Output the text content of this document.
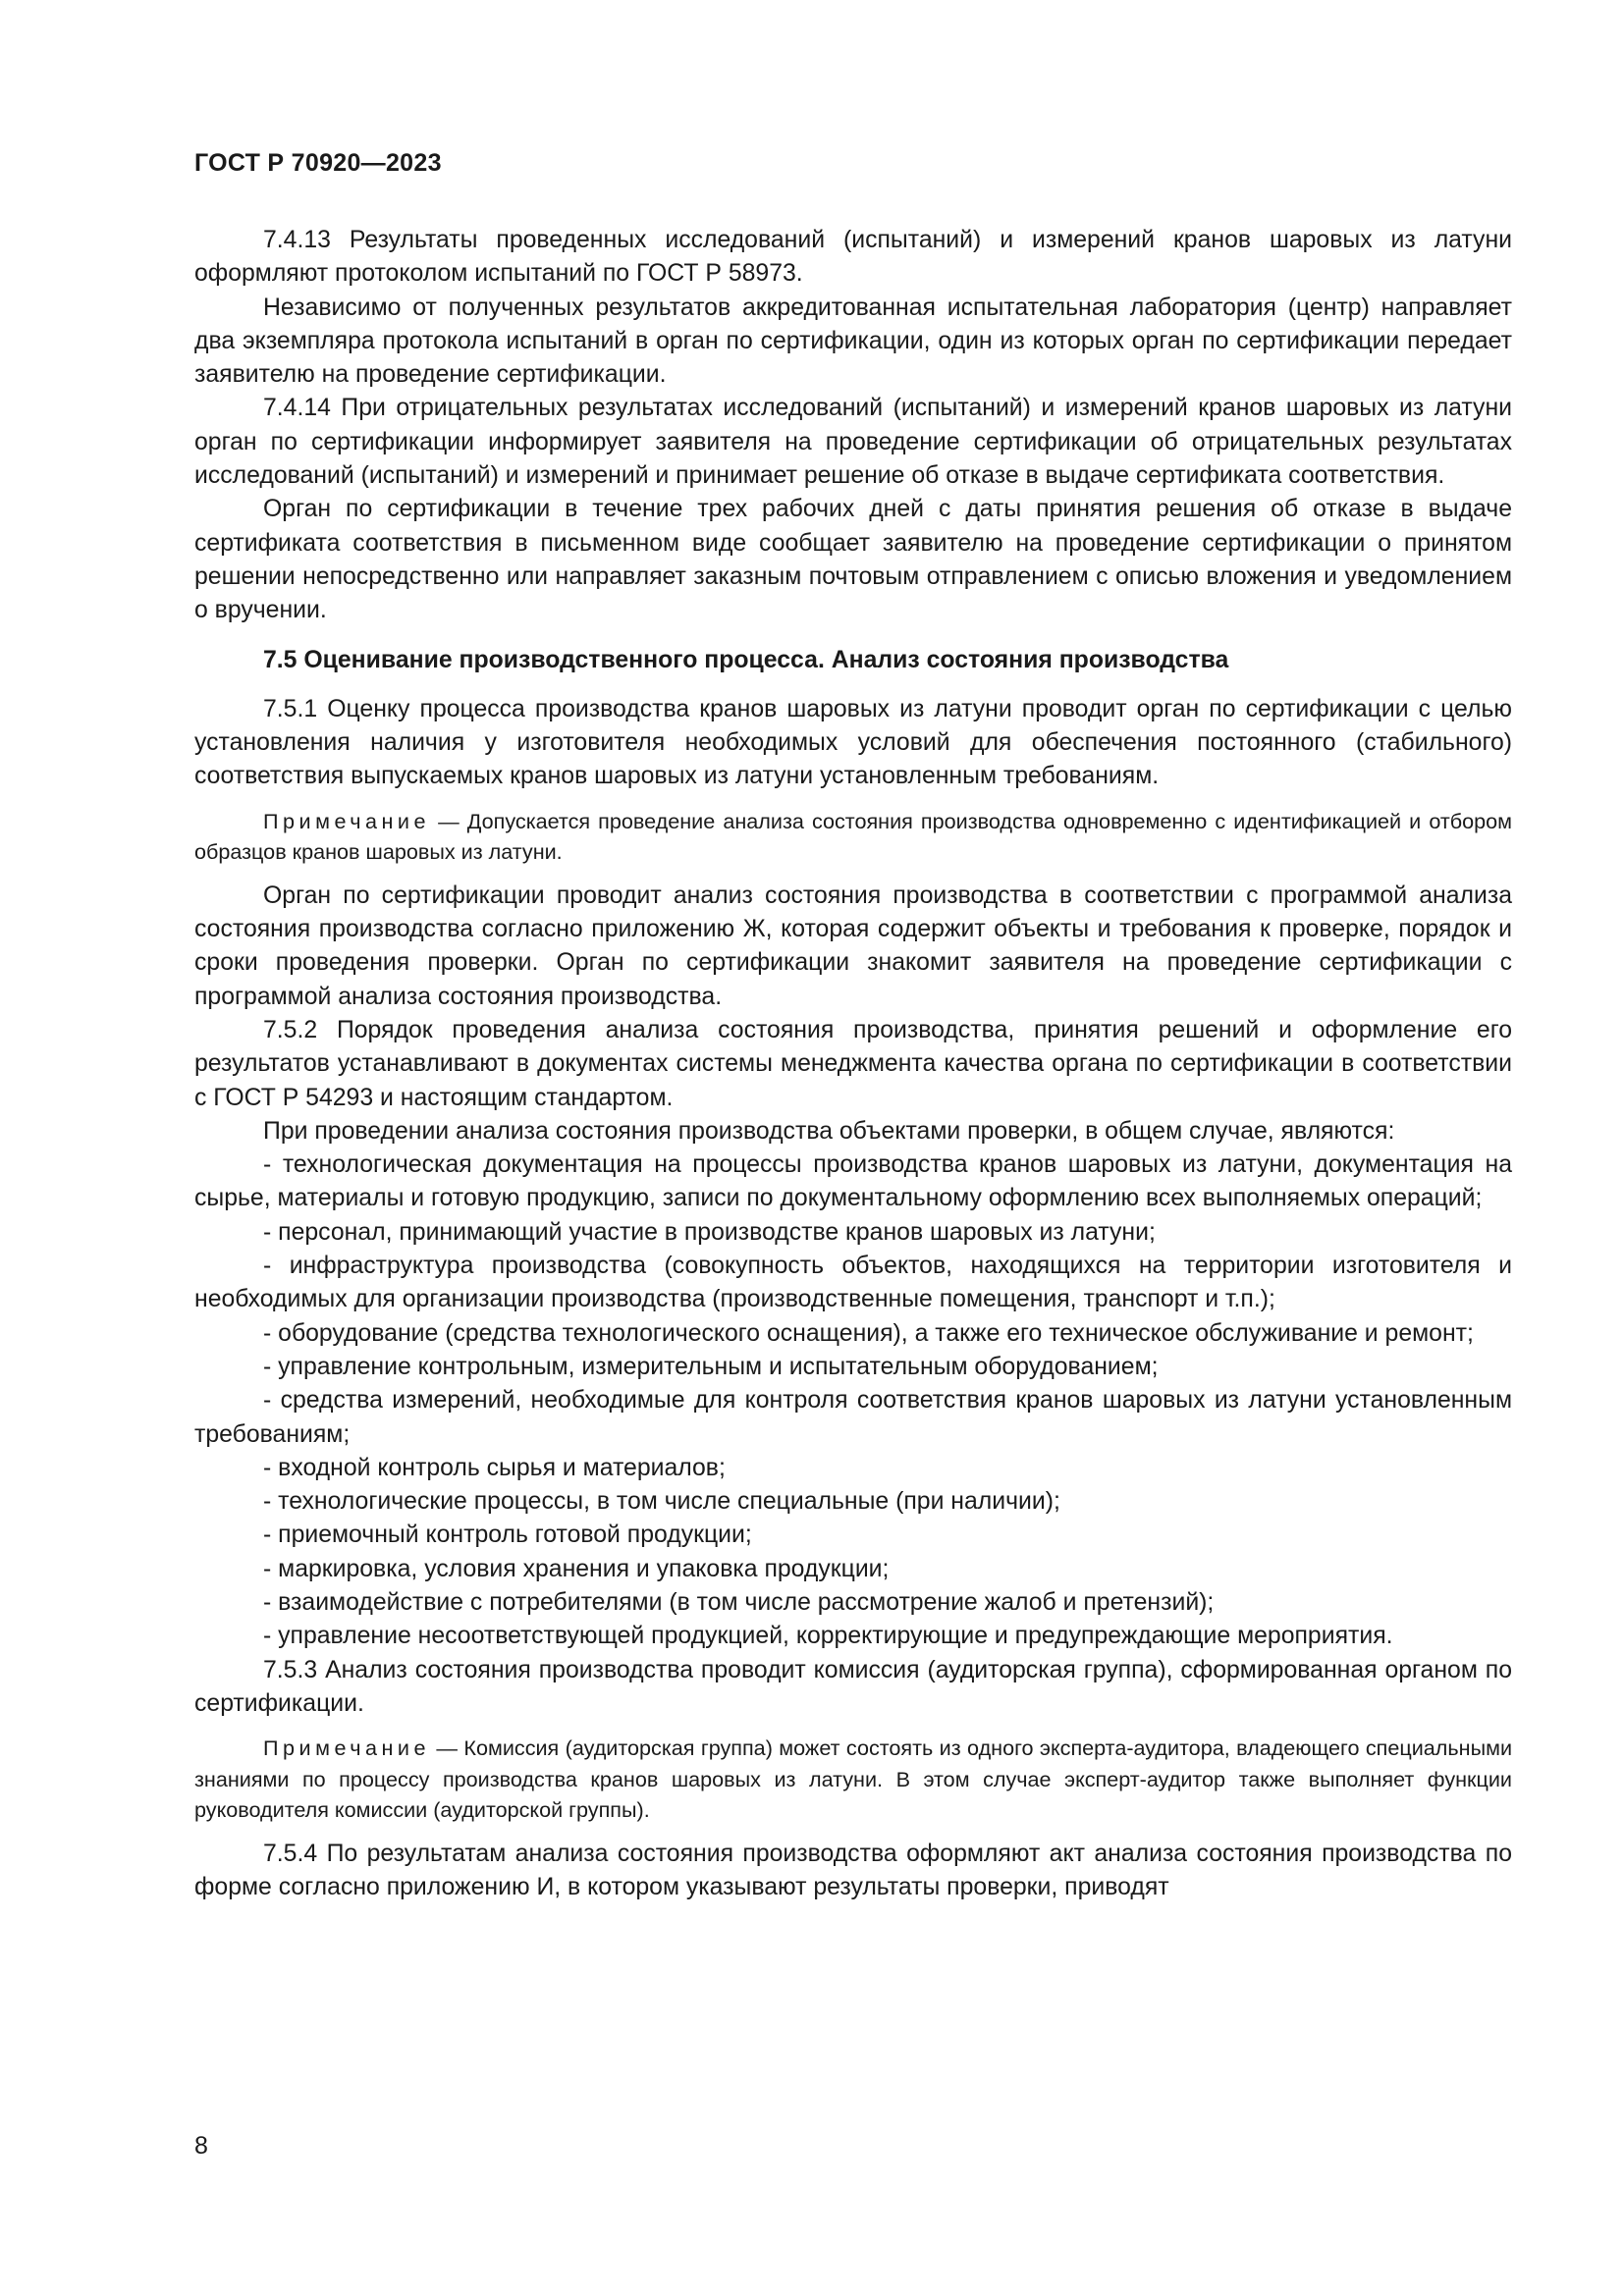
ГОСТ Р 70920—2023

7.4.13 Результаты проведенных исследований (испытаний) и измерений кранов шаровых из латуни оформляют протоколом испытаний по ГОСТ Р 58973.

Независимо от полученных результатов аккредитованная испытательная лаборатория (центр) направляет два экземпляра протокола испытаний в орган по сертификации, один из которых орган по сертификации передает заявителю на проведение сертификации.

7.4.14 При отрицательных результатах исследований (испытаний) и измерений кранов шаровых из латуни орган по сертификации информирует заявителя на проведение сертификации об отрицательных результатах исследований (испытаний) и измерений и принимает решение об отказе в выдаче сертификата соответствия.

Орган по сертификации в течение трех рабочих дней с даты принятия решения об отказе в выдаче сертификата соответствия в письменном виде сообщает заявителю на проведение сертификации о принятом решении непосредственно или направляет заказным почтовым отправлением с описью вложения и уведомлением о вручении.

7.5 Оценивание производственного процесса. Анализ состояния производства

7.5.1 Оценку процесса производства кранов шаровых из латуни проводит орган по сертификации с целью установления наличия у изготовителя необходимых условий для обеспечения постоянного (стабильного) соответствия выпускаемых кранов шаровых из латуни установленным требованиям.

Примечание — Допускается проведение анализа состояния производства одновременно с идентификацией и отбором образцов кранов шаровых из латуни.

Орган по сертификации проводит анализ состояния производства в соответствии с программой анализа состояния производства согласно приложению Ж, которая содержит объекты и требования к проверке, порядок и сроки проведения проверки. Орган по сертификации знакомит заявителя на проведение сертификации с программой анализа состояния производства.

7.5.2 Порядок проведения анализа состояния производства, принятия решений и оформление его результатов устанавливают в документах системы менеджмента качества органа по сертификации в соответствии с ГОСТ Р 54293 и настоящим стандартом.

При проведении анализа состояния производства объектами проверки, в общем случае, являются:

- технологическая документация на процессы производства кранов шаровых из латуни, документация на сырье, материалы и готовую продукцию, записи по документальному оформлению всех выполняемых операций;

- персонал, принимающий участие в производстве кранов шаровых из латуни;

- инфраструктура производства (совокупность объектов, находящихся на территории изготовителя и необходимых для организации производства (производственные помещения, транспорт и т.п.);

- оборудование (средства технологического оснащения), а также его техническое обслуживание и ремонт;

- управление контрольным, измерительным и испытательным оборудованием;

- средства измерений, необходимые для контроля соответствия кранов шаровых из латуни установленным требованиям;

- входной контроль сырья и материалов;

- технологические процессы, в том числе специальные (при наличии);

- приемочный контроль готовой продукции;

- маркировка, условия хранения и упаковка продукции;

- взаимодействие с потребителями (в том числе рассмотрение жалоб и претензий);

- управление несоответствующей продукцией, корректирующие и предупреждающие мероприятия.

7.5.3 Анализ состояния производства проводит комиссия (аудиторская группа), сформированная органом по сертификации.

Примечание — Комиссия (аудиторская группа) может состоять из одного эксперта-аудитора, владеющего специальными знаниями по процессу производства кранов шаровых из латуни. В этом случае эксперт-аудитор также выполняет функции руководителя комиссии (аудиторской группы).

7.5.4 По результатам анализа состояния производства оформляют акт анализа состояния производства по форме согласно приложению И, в котором указывают результаты проверки, приводят

8
